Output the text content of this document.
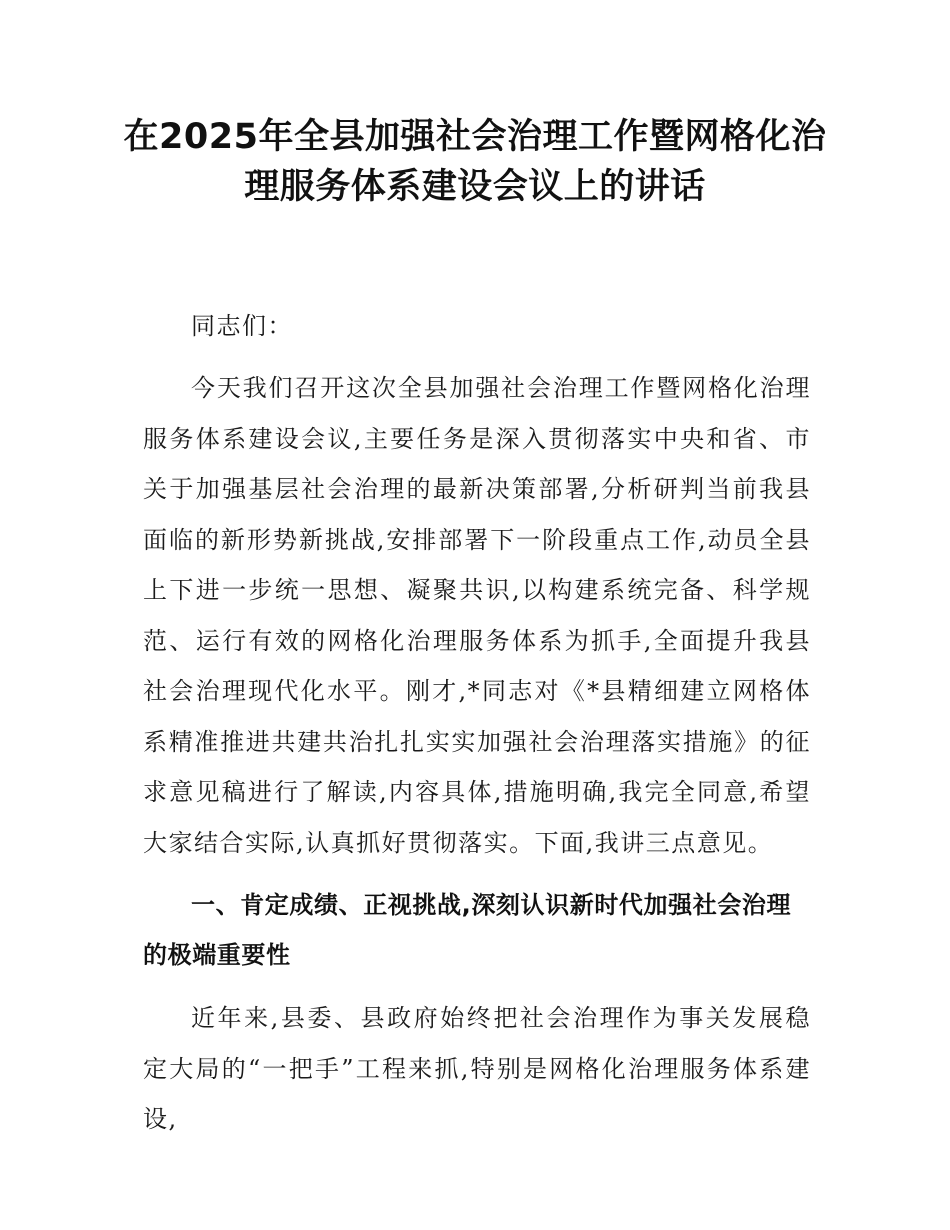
在2025年全县加强社会治理工作暨网格化治理服务体系建设会议上的讲话

同志们：

今天我们召开这次全县加强社会治理工作暨网格化治理服务体系建设会议,主要任务是深入贯彻落实中央和省、市关于加强基层社会治理的最新决策部署,分析研判当前我县面临的新形势新挑战,安排部署下一阶段重点工作,动员全县上下进一步统一思想、凝聚共识,以构建系统完备、科学规范、运行有效的网格化治理服务体系为抓手,全面提升我县社会治理现代化水平。刚才,*同志对《*县精细建立网格体系精准推进共建共治扎扎实实加强社会治理落实措施》的征求意见稿进行了解读,内容具体,措施明确,我完全同意,希望大家结合实际,认真抓好贯彻落实。下面,我讲三点意见。

一、肯定成绩、正视挑战,深刻认识新时代加强社会治理的极端重要性

近年来,县委、县政府始终把社会治理作为事关发展稳定大局的“一把手”工程来抓,特别是网格化治理服务体系建设,
